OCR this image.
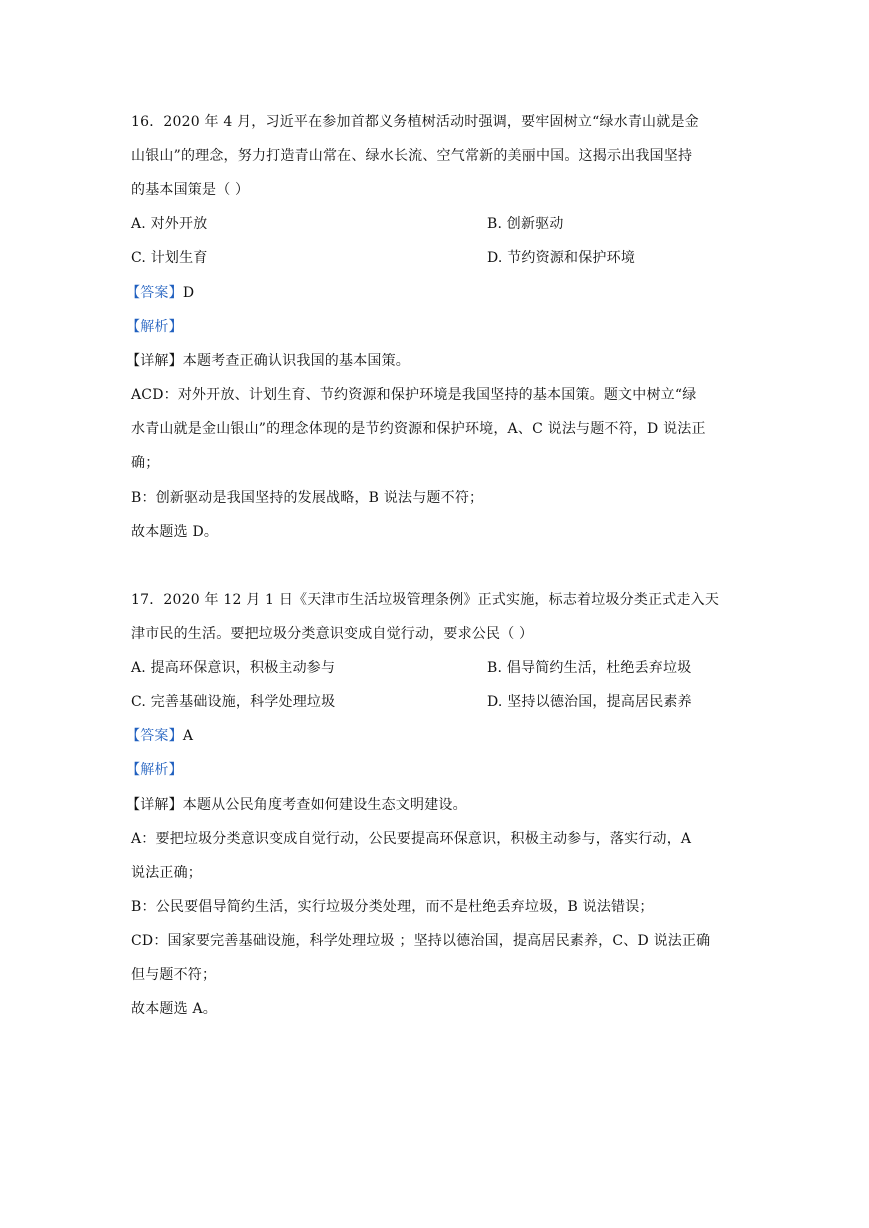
16．2020 年 4 月，习近平在参加首都义务植树活动时强调，要牢固树立“绿水青山就是金
山银山”的理念，努力打造青山常在、绿水长流、空气常新的美丽中国。这揭示出我国坚持
的基本国策是（ ）
A. 对外开放	B. 创新驱动
C. 计划生育	D. 节约资源和保护环境
【答案】D
【解析】
【详解】本题考查正确认识我国的基本国策。
ACD：对外开放、计划生育、节约资源和保护环境是我国坚持的基本国策。题文中树立“绿
水青山就是金山银山”的理念体现的是节约资源和保护环境，A、C 说法与题不符，D 说法正
确；
B：创新驱动是我国坚持的发展战略，B 说法与题不符；
故本题选 D。
17．2020 年 12 月 1 日《天津市生活垃圾管理条例》正式实施，标志着垃圾分类正式走入天
津市民的生活。要把垃圾分类意识变成自觉行动，要求公民（ ）
A. 提高环保意识，积极主动参与	B. 倡导简约生活，杜绝丢弃垃圾
C. 完善基础设施，科学处理垃圾	D. 坚持以德治国，提高居民素养
【答案】A
【解析】
【详解】本题从公民角度考查如何建设生态文明建设。
A：要把垃圾分类意识变成自觉行动，公民要提高环保意识，积极主动参与，落实行动，A
说法正确；
B：公民要倡导简约生活，实行垃圾分类处理，而不是杜绝丢弃垃圾，B 说法错误；
CD：国家要完善基础设施，科学处理垃圾 ；坚持以德治国，提高居民素养，C、D 说法正确
但与题不符；
故本题选 A。
